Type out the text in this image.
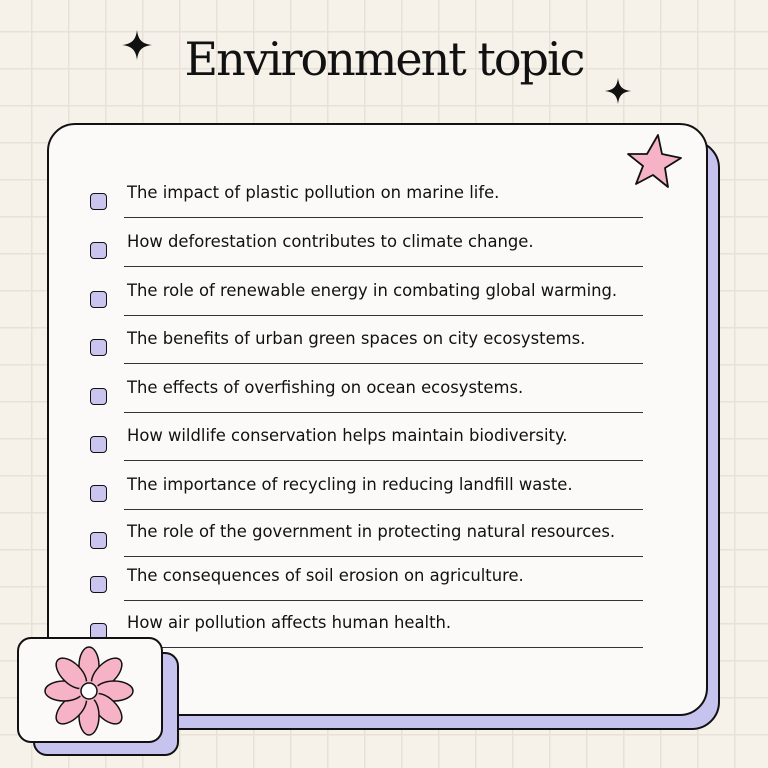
Environment topic
The impact of plastic pollution on marine life.
How deforestation contributes to climate change.
The role of renewable energy in combating global warming.
The benefits of urban green spaces on city ecosystems.
The effects of overfishing on ocean ecosystems.
How wildlife conservation helps maintain biodiversity.
The importance of recycling in reducing landfill waste.
The role of the government in protecting natural resources.
The consequences of soil erosion on agriculture.
How air pollution affects human health.
